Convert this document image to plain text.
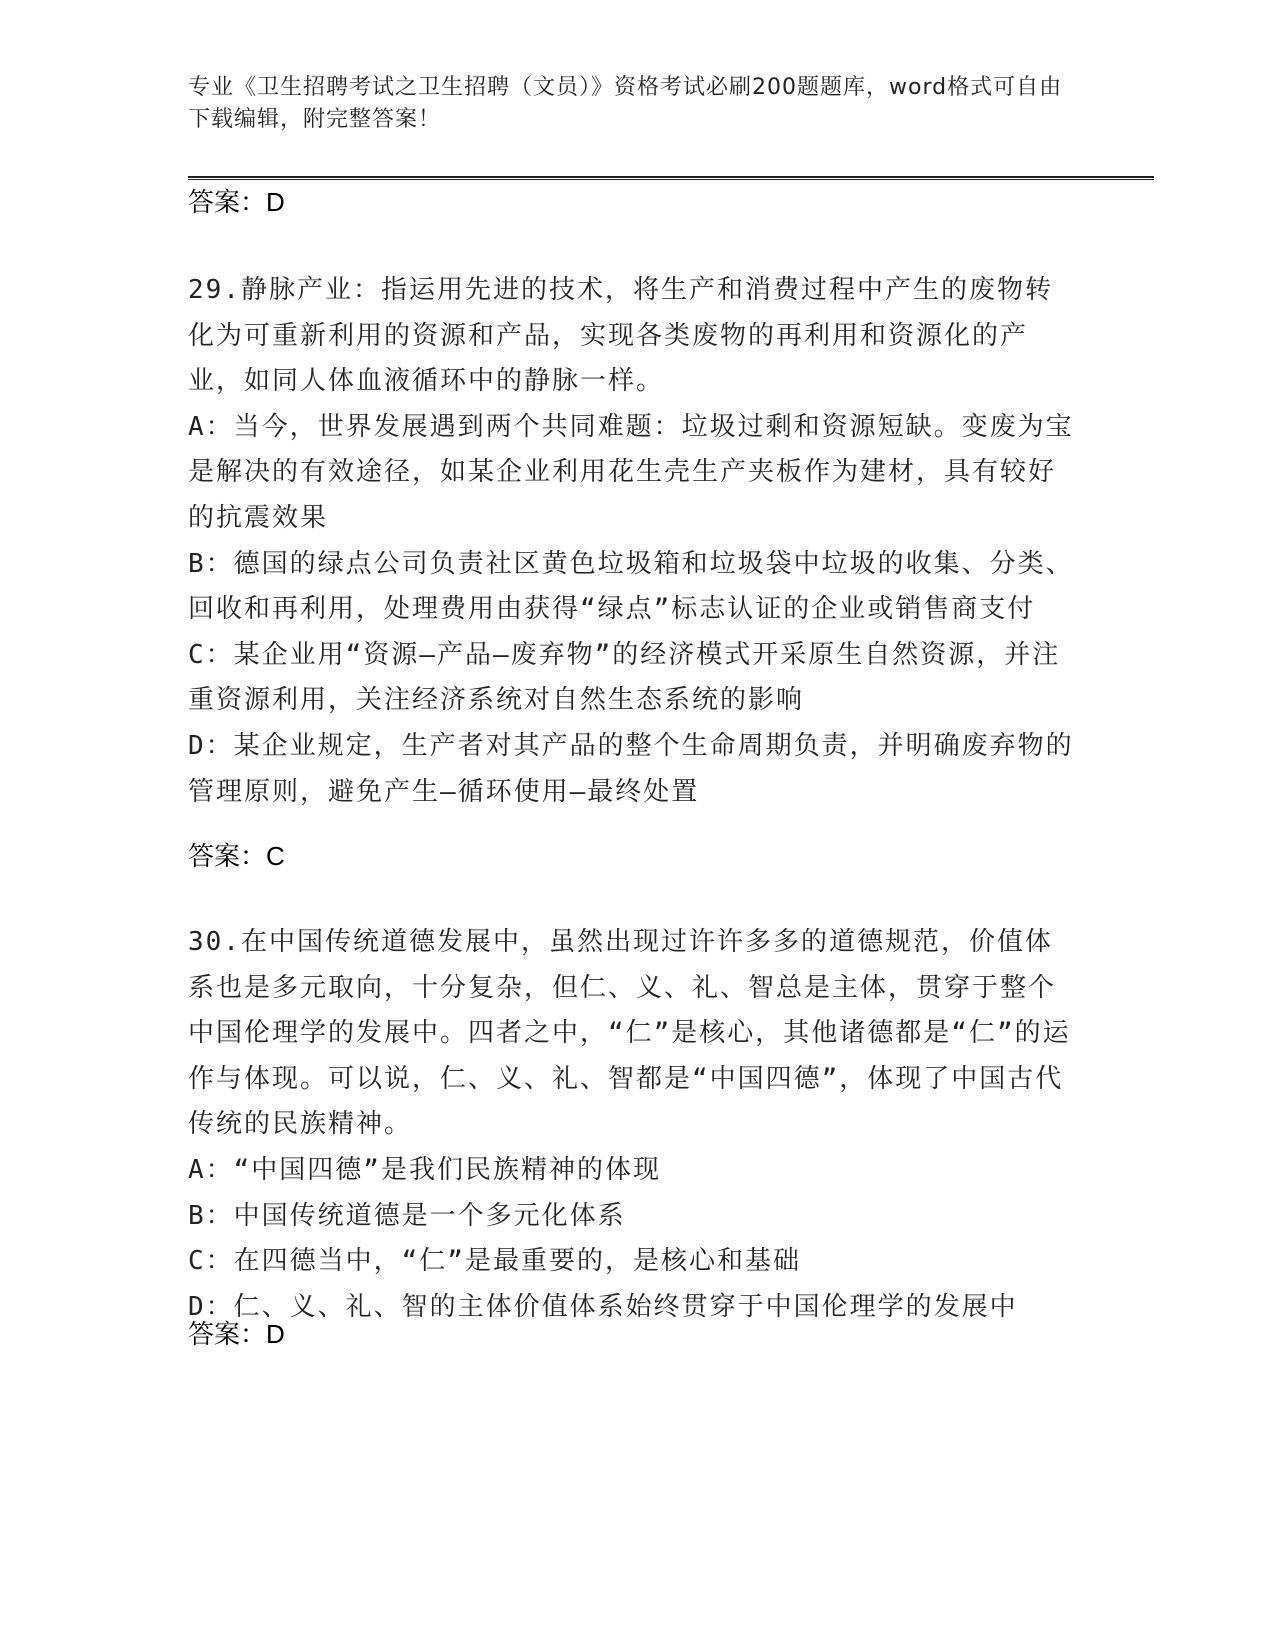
专业《卫生招聘考试之卫生招聘（文员）》资格考试必刷200题题库，word格式可自由下载编辑，附完整答案！
答案：D

29.静脉产业：指运用先进的技术，将生产和消费过程中产生的废物转化为可重新利用的资源和产品，实现各类废物的再利用和资源化的产业，如同人体血液循环中的静脉一样。

A：当今，世界发展遇到两个共同难题：垃圾过剩和资源短缺。变废为宝是解决的有效途径，如某企业利用花生壳生产夹板作为建材，具有较好的抗震效果

B：德国的绿点公司负责社区黄色垃圾箱和垃圾袋中垃圾的收集、分类、回收和再利用，处理费用由获得“绿点”标志认证的企业或销售商支付

C：某企业用“资源—产品—废弃物”的经济模式开采原生自然资源，并注重资源利用，关注经济系统对自然生态系统的影响

D：某企业规定，生产者对其产品的整个生命周期负责，并明确废弃物的管理原则，避免产生—循环使用—最终处置

答案：C

30.在中国传统道德发展中，虽然出现过许许多多的道德规范，价值体系也是多元取向，十分复杂，但仁、义、礼、智总是主体，贯穿于整个中国伦理学的发展中。四者之中，“仁”是核心，其他诸德都是“仁”的运作与体现。可以说，仁、义、礼、智都是“中国四德”，体现了中国古代传统的民族精神。

A：“中国四德”是我们民族精神的体现

B：中国传统道德是一个多元化体系

C：在四德当中，“仁”是最重要的，是核心和基础

D：仁、义、礼、智的主体价值体系始终贯穿于中国伦理学的发展中

答案：D
